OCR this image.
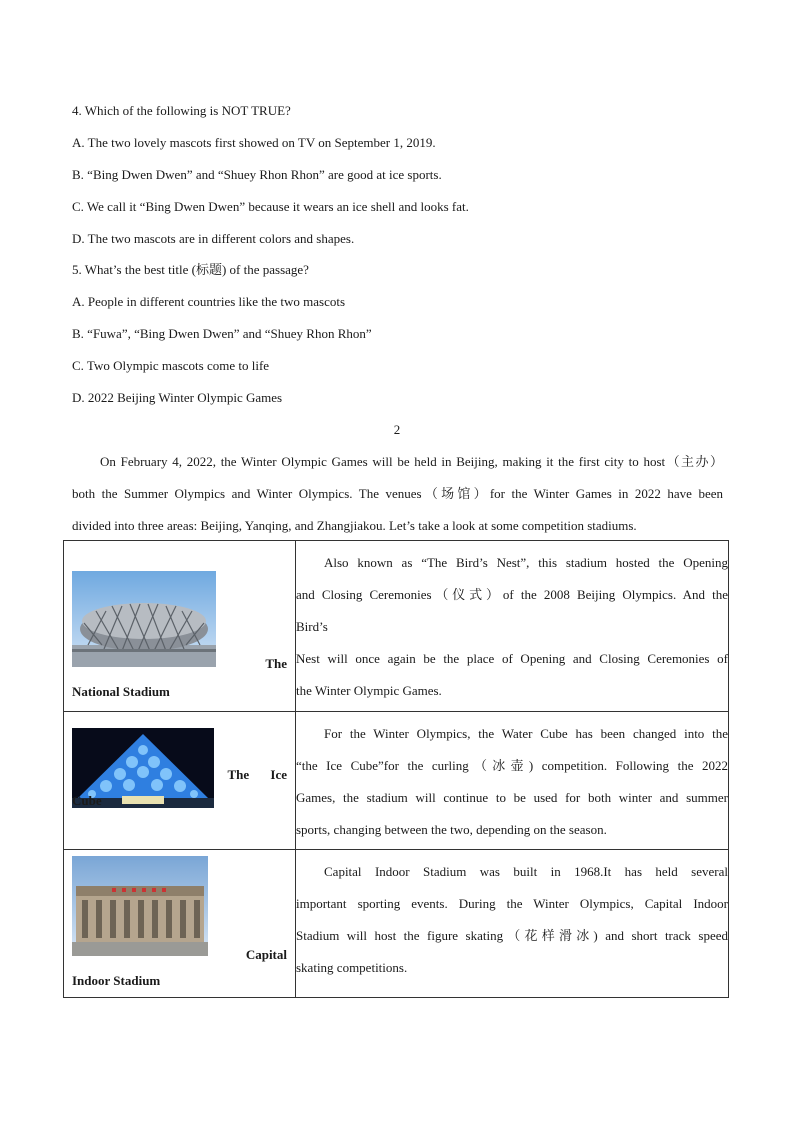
4. Which of the following is NOT TRUE?
A. The two lovely mascots first showed on TV on September 1, 2019.
B. “Bing Dwen Dwen” and “Shuey Rhon Rhon” are good at ice sports.
C. We call it “Bing Dwen Dwen” because it wears an ice shell and looks fat.
D. The two mascots are in different colors and shapes.
5. What’s the best title (标题) of the passage?
A. People in different countries like the two mascots
B. “Fuwa”, “Bing Dwen Dwen” and “Shuey Rhon Rhon”
C. Two Olympic mascots come to life
D. 2022 Beijing Winter Olympic Games
2
On February 4, 2022, the Winter Olympic Games will be held in Beijing, making it the first city to host（主办）
both the Summer Olympics and Winter Olympics. The venues（场馆）for the Winter Games in 2022 have been
divided into three areas: Beijing, Yanqing, and Zhangjiakou. Let’s take a look at some competition stadiums.
The
National Stadium	Also known as “The Bird’s Nest”, this stadium hosted the Opening
and Closing Ceremonies（仪式）of the 2008 Beijing Olympics. And the
Bird’s
Nest will once again be the place of Opening and Closing Ceremonies of
the Winter Olympic Games.

The Ice
Cube	For the Winter Olympics, the Water Cube has been changed into the
“the Ice Cube”for the curling（冰壶) competition. Following the 2022
Games, the stadium will continue to be used for both winter and summer
sports, changing between the two, depending on the season.

Capital
Indoor Stadium	Capital Indoor Stadium was built in 1968.It has held several
important sporting events. During the Winter Olympics, Capital Indoor
Stadium will host the figure skating（花样滑冰) and short track speed
skating competitions.
